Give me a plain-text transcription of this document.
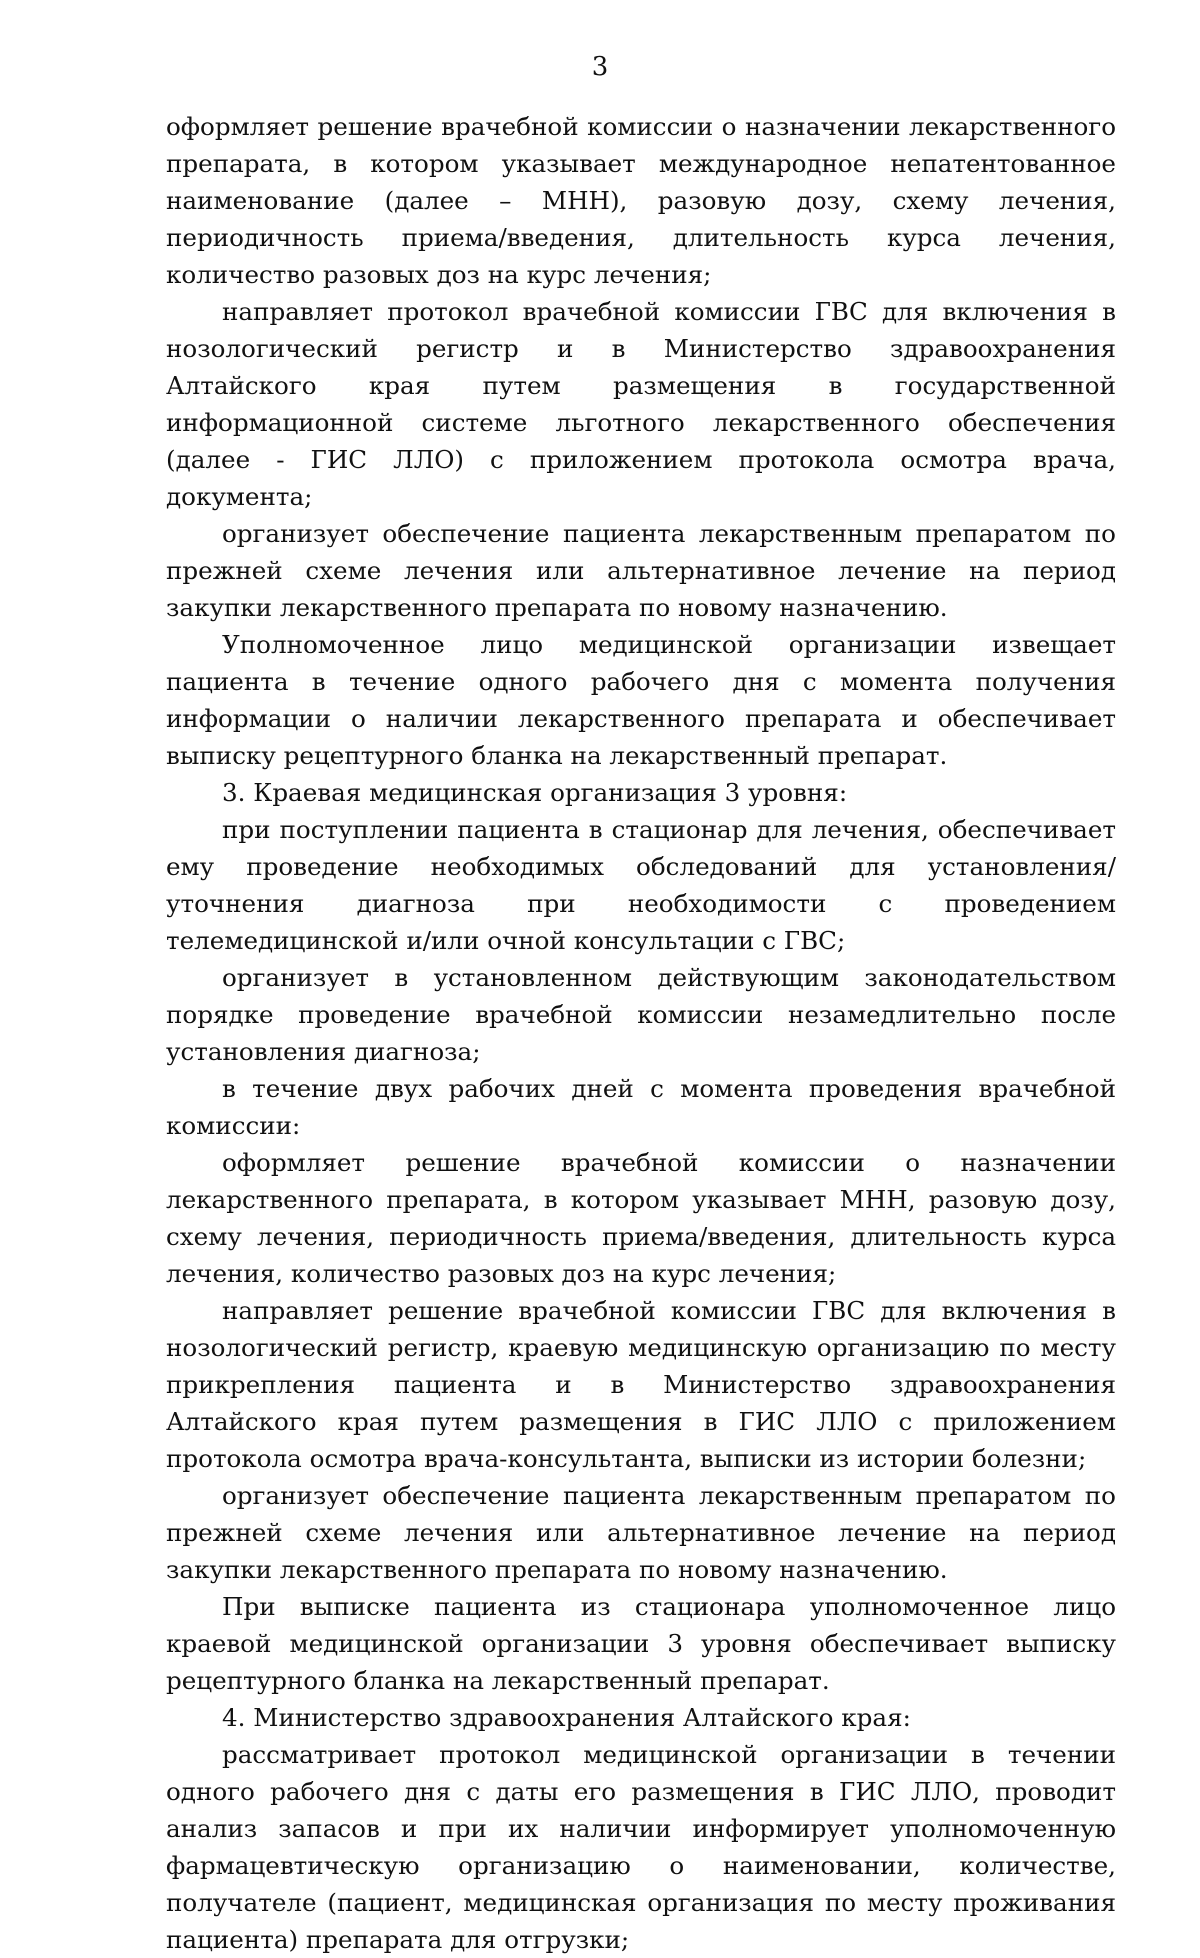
3

оформляет решение врачебной комиссии о назначении лекарственного препарата, в котором указывает международное непатентованное наименование (далее – МНН), разовую дозу, схему лечения, периодичность приема/введения, длительность курса лечения, количество разовых доз на курс лечения;

направляет протокол врачебной комиссии ГВС для включения в нозологический регистр и в Министерство здравоохранения Алтайского края путем размещения в государственной информационной системе льготного лекарственного обеспечения (далее - ГИС ЛЛО) с приложением протокола осмотра врача, документа;

организует обеспечение пациента лекарственным препаратом по прежней схеме лечения или альтернативное лечение на период закупки лекарственного препарата по новому назначению.

Уполномоченное лицо медицинской организации извещает пациента в течение одного рабочего дня с момента получения информации о наличии лекарственного препарата и обеспечивает выписку рецептурного бланка на лекарственный препарат.

3. Краевая медицинская организация 3 уровня:

при поступлении пациента в стационар для лечения, обеспечивает ему проведение необходимых обследований для установления/уточнения диагноза при необходимости с проведением телемедицинской и/или очной консультации с ГВС;

организует в установленном действующим законодательством порядке проведение врачебной комиссии незамедлительно после установления диагноза;

в течение двух рабочих дней с момента проведения врачебной комиссии:

оформляет решение врачебной комиссии о назначении лекарственного препарата, в котором указывает МНН, разовую дозу, схему лечения, периодичность приема/введения, длительность курса лечения, количество разовых доз на курс лечения;

направляет решение врачебной комиссии ГВС для включения в нозологический регистр, краевую медицинскую организацию по месту прикрепления пациента и в Министерство здравоохранения Алтайского края путем размещения в ГИС ЛЛО с приложением протокола осмотра врача-консультанта, выписки из истории болезни;

организует обеспечение пациента лекарственным препаратом по прежней схеме лечения или альтернативное лечение на период закупки лекарственного препарата по новому назначению.

При выписке пациента из стационара уполномоченное лицо краевой медицинской организации 3 уровня обеспечивает выписку рецептурного бланка на лекарственный препарат.

4. Министерство здравоохранения Алтайского края:

рассматривает протокол медицинской организации в течении одного рабочего дня с даты его размещения в ГИС ЛЛО, проводит анализ запасов и при их наличии информирует уполномоченную фармацевтическую организацию о наименовании, количестве, получателе (пациент, медицинская организация по месту проживания пациента) препарата для отгрузки;
